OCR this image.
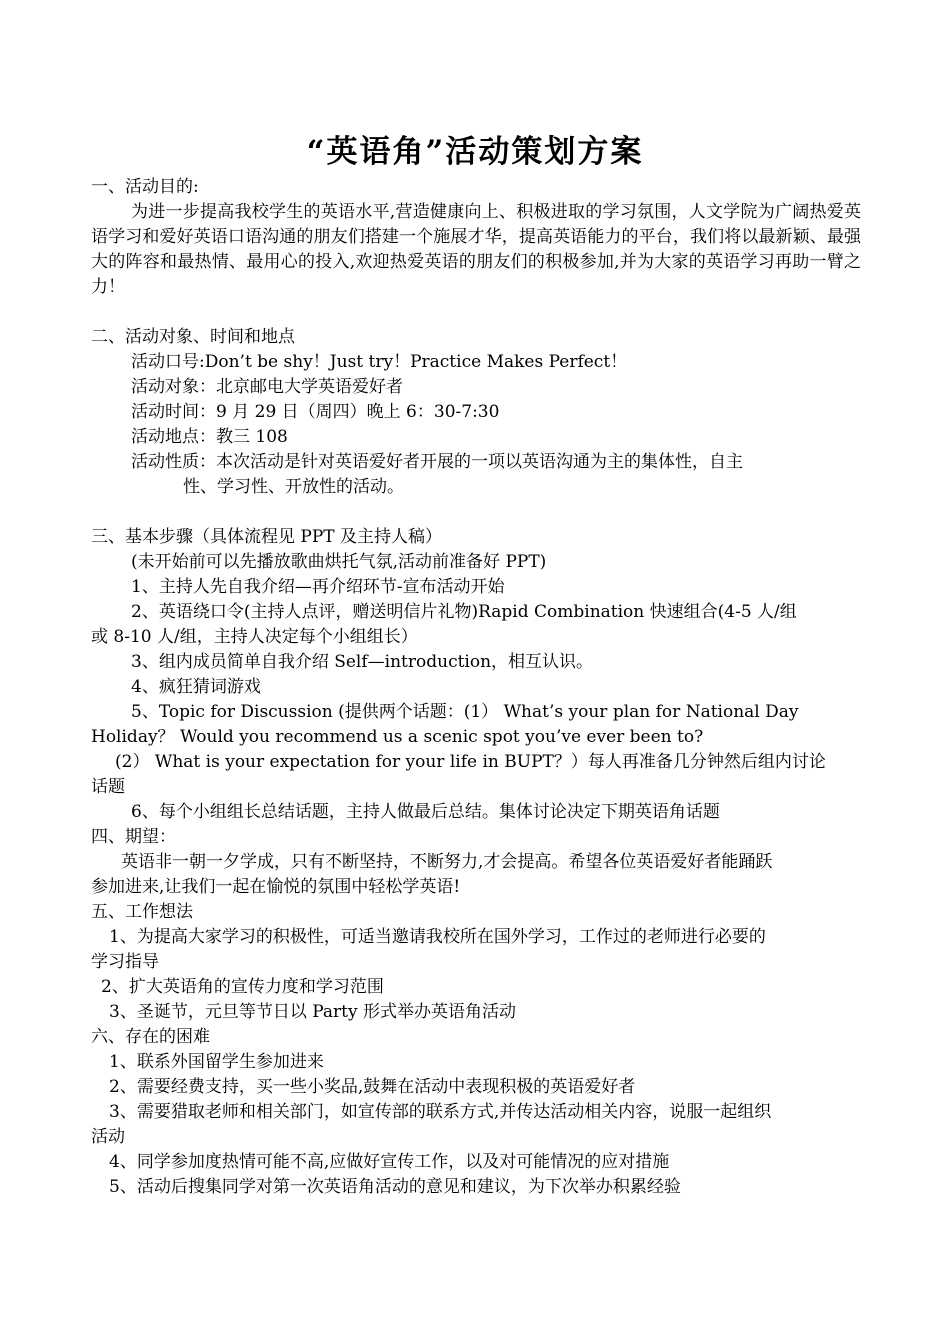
“英语角”活动策划方案
一、活动目的:
为进一步提高我校学生的英语水平,营造健康向上、积极进取的学习氛围，人文学院为广阔热爱英语学习和爱好英语口语沟通的朋友们搭建一个施展才华，提高英语能力的平台，我们将以最新颖、最强大的阵容和最热情、最用心的投入,欢迎热爱英语的朋友们的积极参加,并为大家的英语学习再助一臂之力！
二、活动对象、时间和地点
活动口号:Don’t be shy！Just try！Practice Makes Perfect！
活动对象：北京邮电大学英语爱好者
活动时间：9 月 29 日（周四）晚上 6：30-7:30
活动地点：教三 108
活动性质：本次活动是针对英语爱好者开展的一项以英语沟通为主的集体性，自主
性、学习性、开放性的活动。
三、基本步骤（具体流程见 PPT 及主持人稿）
(未开始前可以先播放歌曲烘托气氛,活动前准备好 PPT)
1、主持人先自我介绍—再介绍环节-宣布活动开始
2、英语绕口令(主持人点评，赠送明信片礼物)Rapid Combination 快速组合(4-5 人/组
或 8-10 人/组，主持人决定每个小组组长）
3、组内成员简单自我介绍 Self—introduction，相互认识。
4、疯狂猜词游戏
5、Topic for Discussion (提供两个话题：(1） What’s your plan for National Day
Holiday？ Would you recommend us a scenic spot you’ve ever been to?
(2） What is your expectation for your life in BUPT？）每人再准备几分钟然后组内讨论
话题
6、每个小组组长总结话题，主持人做最后总结。集体讨论决定下期英语角话题
四、期望：
英语非一朝一夕学成，只有不断坚持，不断努力,才会提高。希望各位英语爱好者能踊跃
参加进来,让我们一起在愉悦的氛围中轻松学英语!
五、工作想法
1、为提高大家学习的积极性，可适当邀请我校所在国外学习，工作过的老师进行必要的
学习指导
2、扩大英语角的宣传力度和学习范围
3、圣诞节，元旦等节日以 Party 形式举办英语角活动
六、存在的困难
1、联系外国留学生参加进来
2、需要经费支持，买一些小奖品,鼓舞在活动中表现积极的英语爱好者
3、需要猎取老师和相关部门，如宣传部的联系方式,并传达活动相关内容，说服一起组织
活动
4、同学参加度热情可能不高,应做好宣传工作，以及对可能情况的应对措施
5、活动后搜集同学对第一次英语角活动的意见和建议，为下次举办积累经验
